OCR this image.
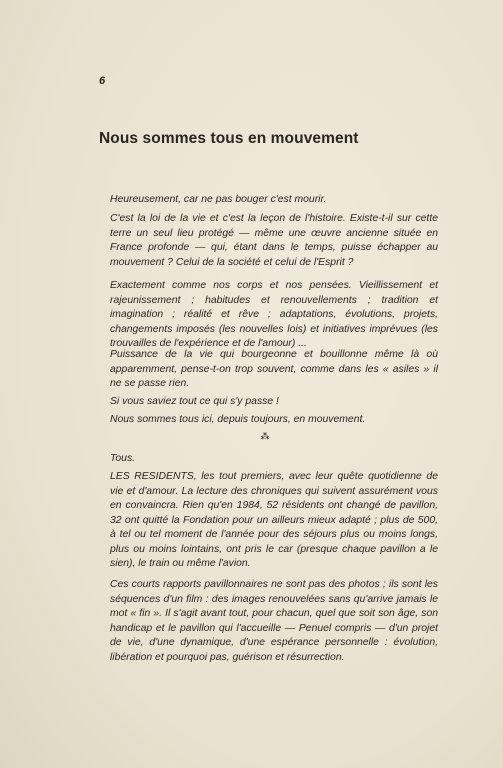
6
Nous sommes tous en mouvement

Heureusement, car ne pas bouger c'est mourir.

C'est la loi de la vie et c'est la leçon de l'histoire. Existe-t-il sur cette terre un seul lieu protégé — même une œuvre ancienne située en France profonde — qui, étant dans le temps, puisse échapper au mouvement ? Celui de la société et celui de l'Esprit ?

Exactement comme nos corps et nos pensées. Vieillissement et rajeunissement ; habitudes et renouvellements ; tradition et imagination ; réalité et rêve ; adaptations, évolutions, projets, changements imposés (les nouvelles lois) et initiatives imprévues (les trouvailles de l'expérience et de l'amour) ...

Puissance de la vie qui bourgeonne et bouillonne même là où apparemment, pense-t-on trop souvent, comme dans les « asiles » il ne se passe rien.

Si vous saviez tout ce qui s'y passe !

Nous sommes tous ici, depuis toujours, en mouvement.

⁂

Tous.

LES RESIDENTS, les tout premiers, avec leur quête quotidienne de vie et d'amour. La lecture des chroniques qui suivent assurément vous en convaincra. Rien qu'en 1984, 52 résidents ont changé de pavillon, 32 ont quitté la Fondation pour un ailleurs mieux adapté ; plus de 500, à tel ou tel moment de l'année pour des séjours plus ou moins longs, plus ou moins lointains, ont pris le car (presque chaque pavillon a le sien), le train ou même l'avion.

Ces courts rapports pavillonnaires ne sont pas des photos ; ils sont les séquences d'un film : des images renouvelées sans qu'arrive jamais le mot « fin ». Il s'agit avant tout, pour chacun, quel que soit son âge, son handicap et le pavillon qui l'accueille — Penuel compris — d'un projet de vie, d'une dynamique, d'une espérance personnelle : évolution, libération et pourquoi pas, guérison et résurrection.
